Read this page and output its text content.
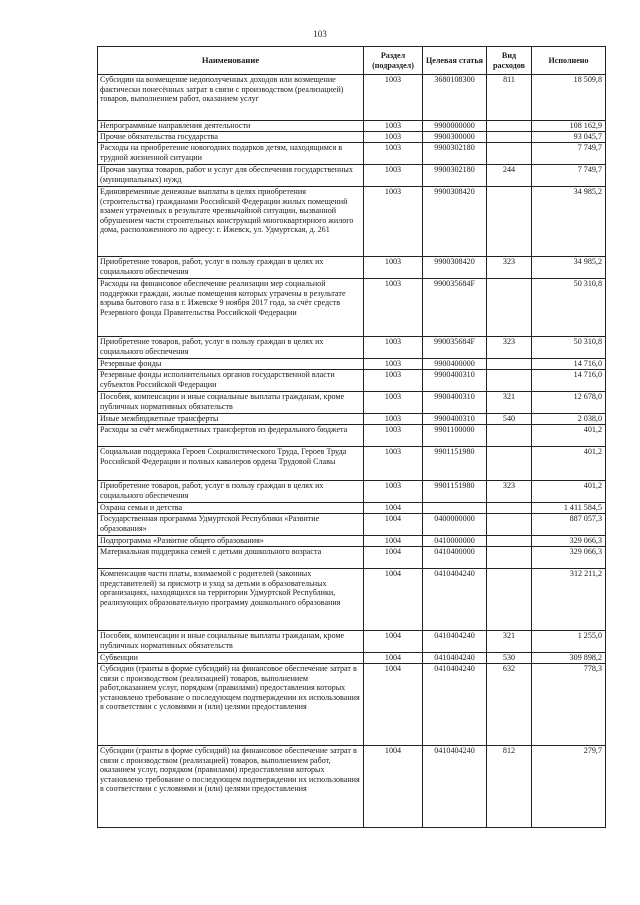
103
Наименование	Раздел (подраздел)	Целевая статья	Вид расходов	Исполнено
Субсидии на возмещение недополученных доходов или возмещение фактически понесённых затрат в связи с производством (реализацией) товаров, выполнением работ, оказанием услуг	1003	3680108300	811	18 509,8
Непрограммные направления деятельности	1003	9900000000		108 162,9
Прочие обязательства государства	1003	9900300000		93 045,7
Расходы на приобретение новогодних подарков детям, находящимся в трудной жизненной ситуации	1003	9900302180		7 749,7
Прочая закупка товаров, работ и услуг для обеспечения государственных (муниципальных) нужд	1003	9900302180	244	7 749,7
Единовременные денежные выплаты в целях приобретения (строительства) гражданами Российской Федерации жилых помещений взамен утраченных в результате чрезвычайной ситуации, вызванной обрушением части строительных конструкций многоквартирного жилого дома, расположенного по адресу: г. Ижевск, ул. Удмуртская, д. 261	1003	9900308420		34 985,2
Приобретение товаров, работ, услуг в пользу граждан в целях их социального обеспечения	1003	9900308420	323	34 985,2
Расходы на финансовое обеспечение реализации мер социальной поддержки граждан, жилые помещения которых утрачены в результате взрыва бытового газа в г. Ижевске 9 ноября 2017 года, за счёт средств Резервного фонда Правительства Российской Федерации	1003	990035684F		50 310,8
Приобретение товаров, работ, услуг в пользу граждан в целях их социального обеспечения	1003	990035684F	323	50 310,8
Резервные фонды	1003	9900400000		14 716,0
Резервные фонды исполнительных органов государственной власти субъектов Российской Федерации	1003	9900400310		14 716,0
Пособия, компенсации и иные социальные выплаты гражданам, кроме публичных нормативных обязательств	1003	9900400310	321	12 678,0
Иные межбюджетные трансферты	1003	9900400310	540	2 038,0
Расходы за счёт межбюджетных трансфертов из федерального бюджета	1003	9901100000		401,2
Социальная поддержка Героев Социалистического Труда, Героев Труда Российской Федерации и полных кавалеров ордена Трудовой Славы	1003	9901151980		401,2
Приобретение товаров, работ, услуг в пользу граждан в целях их социального обеспечения	1003	9901151980	323	401,2
Охрана семьи и детства	1004			1 411 584,5
Государственная программа Удмуртской Республики «Развитие образования»	1004	0400000000		887 057,3
Подпрограмма «Развитие общего образования»	1004	0410000000		329 066,3
Материальная поддержка семей с детьми дошкольного возраста	1004	0410400000		329 066,3
Компенсация части платы, взимаемой с родителей (законных представителей) за присмотр и уход за детьми в образовательных организациях, находящихся на территории Удмуртской Республики, реализующих образовательную программу дошкольного образования	1004	0410404240		312 211,2
Пособия, компенсации и иные социальные выплаты гражданам, кроме публичных нормативных обязательств	1004	0410404240	321	1 255,0
Субвенции	1004	0410404240	530	309 898,2
Субсидии (гранты в форме субсидий) на финансовое обеспечение затрат в связи с производством (реализацией) товаров, выполнением работ,оказанием услуг, порядком (правилами) предоставления которых установлено требование о последующем подтверждении их использования в соответствии с условиями и (или) целями предоставления	1004	0410404240	632	778,3
Субсидии (гранты в форме субсидий) на финансовое обеспечение затрат в связи с производством (реализацией) товаров, выполнением работ, оказанием услуг, порядком (правилами) предоставления которых установлено требование о последующем подтверждении их использования в соответствии с условиями и (или) целями предоставления	1004	0410404240	812	279,7
